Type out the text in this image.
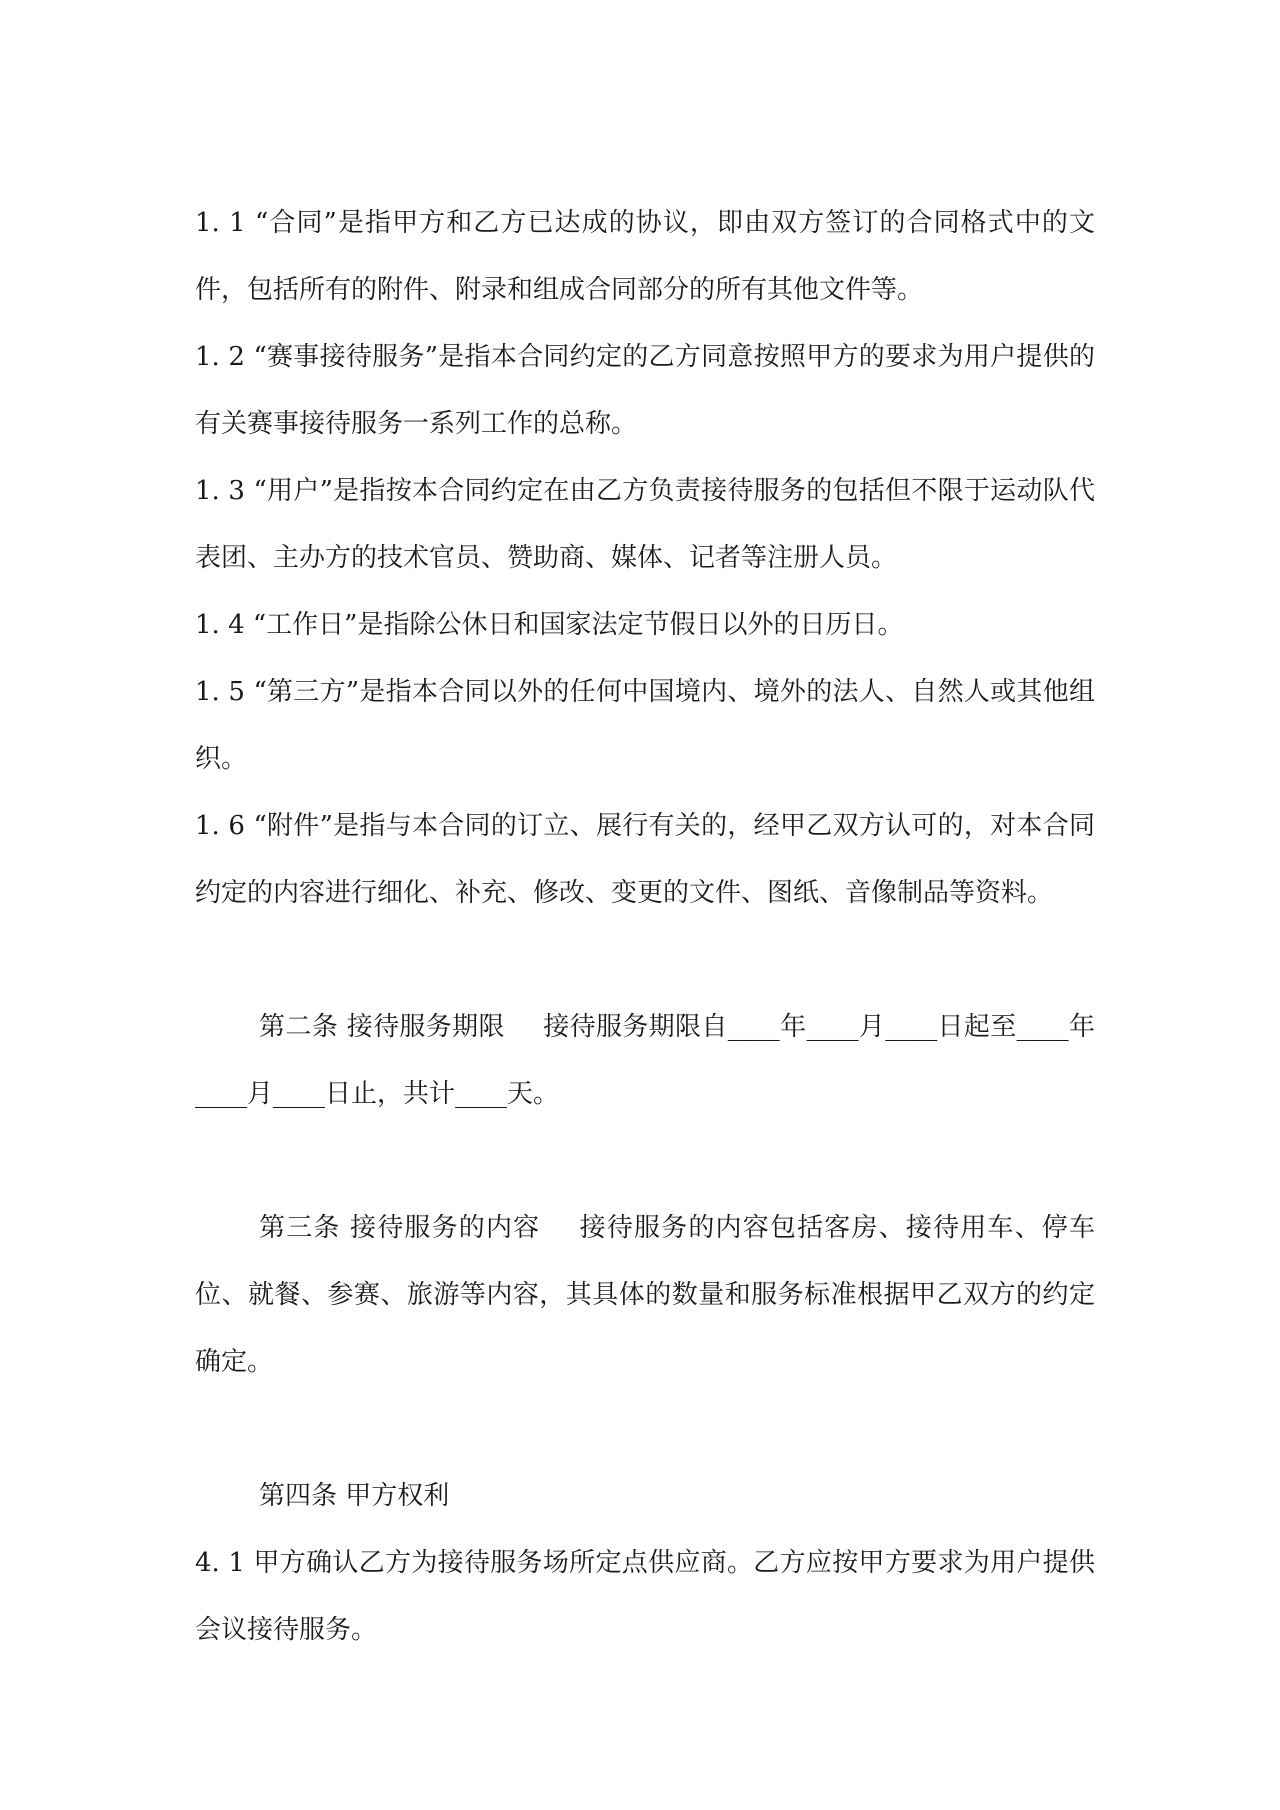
1. 1 “合同”是指甲方和乙方已达成的协议，即由双方签订的合同格式中的文件，包括所有的附件、附录和组成合同部分的所有其他文件等。

1. 2 “赛事接待服务”是指本合同约定的乙方同意按照甲方的要求为用户提供的有关赛事接待服务一系列工作的总称。

1. 3 “用户”是指按本合同约定在由乙方负责接待服务的包括但不限于运动队代表团、主办方的技术官员、赞助商、媒体、记者等注册人员。

1. 4 “工作日”是指除公休日和国家法定节假日以外的日历日。

1. 5 “第三方”是指本合同以外的任何中国境内、境外的法人、自然人或其他组织。

1. 6 “附件”是指与本合同的订立、展行有关的，经甲乙双方认可的，对本合同约定的内容进行细化、补充、修改、变更的文件、图纸、音像制品等资料。

第二条 接待服务期限 接待服务期限自____年____月____日起至____年____月____日止，共计____天。

第三条 接待服务的内容 接待服务的内容包括客房、接待用车、停车位、就餐、参赛、旅游等内容，其具体的数量和服务标准根据甲乙双方的约定确定。

第四条 甲方权利

4. 1 甲方确认乙方为接待服务场所定点供应商。乙方应按甲方要求为用户提供会议接待服务。
